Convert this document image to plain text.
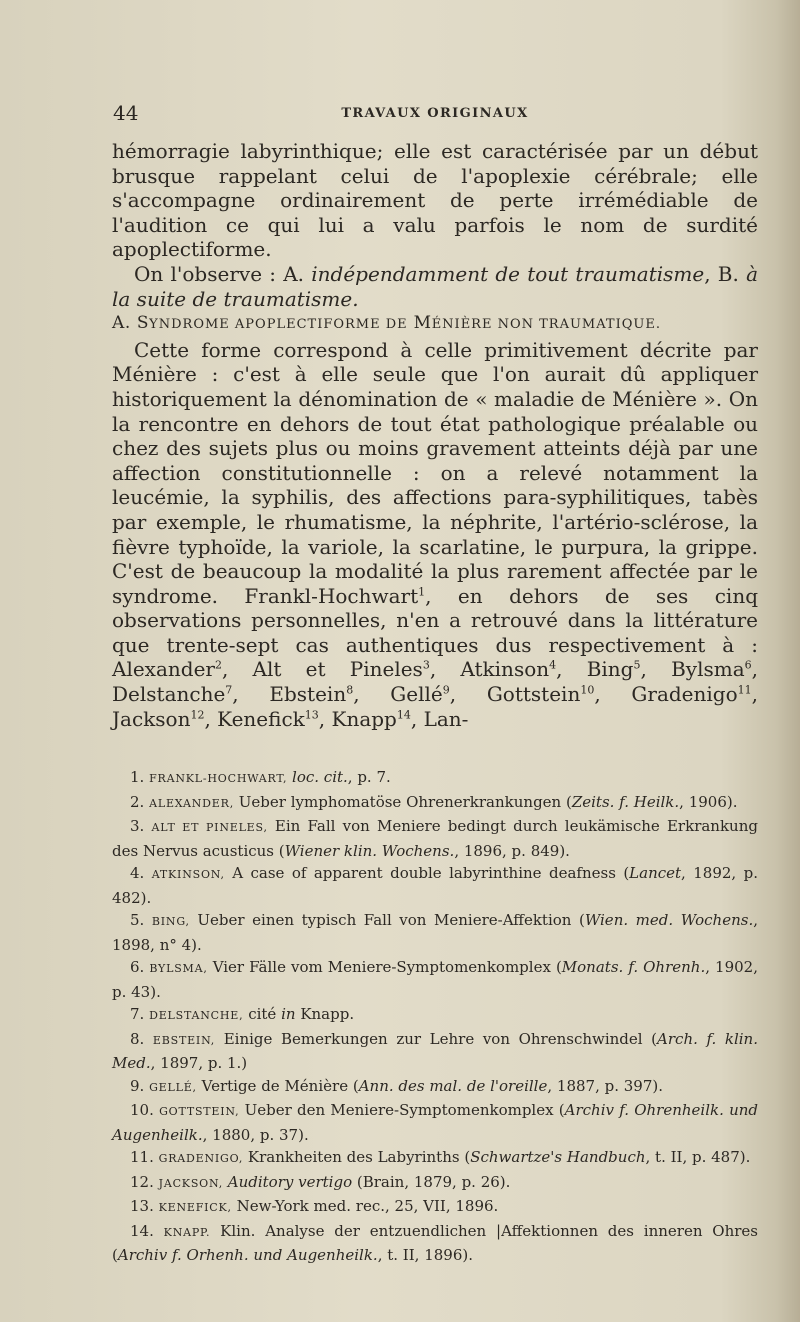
44	TRAVAUX ORIGINAUX

hémorragie labyrinthique; elle est caractérisée par un début brusque rappelant celui de l'apoplexie cérébrale; elle s'accompagne ordinairement de perte irrémédiable de l'audition ce qui lui a valu parfois le nom de surdité apoplectiforme.

On l'observe : A. indépendamment de tout traumatisme, B. à la suite de traumatisme.

A. SYNDROME APOPLECTIFORME DE MÉNIÈRE NON TRAUMATIQUE.

Cette forme correspond à celle primitivement décrite par Ménière : c'est à elle seule que l'on aurait dû appliquer historiquement la dénomination de « maladie de Ménière ». On la rencontre en dehors de tout état pathologique préalable ou chez des sujets plus ou moins gravement atteints déjà par une affection constitutionnelle : on a relevé notamment la leucémie, la syphilis, des affections para-syphilitiques, tabès par exemple, le rhumatisme, la néphrite, l'artério-sclérose, la fièvre typhoïde, la variole, la scarlatine, le purpura, la grippe. C'est de beaucoup la modalité la plus rarement affectée par le syndrome. Frankl-Hochwart$^1$, en dehors de ses cinq observations personnelles, n'en a retrouvé dans la littérature que trente-sept cas authentiques dus respectivement à : Alexander$^2$, Alt et Pineles$^3$, Atkinson$^4$, Bing$^5$, Bylsma$^6$, Delstanche$^7$, Ebstein$^8$, Gellé$^9$, Gottstein$^{10}$, Gradenigo$^{11}$, Jackson$^{12}$, Kenefick$^{13}$, Knapp$^{14}$, Lan-

1. FRANKL-HOCHWART, loc. cit., p. 7.

2. ALEXANDER, Ueber lymphomatöse Ohrenerkrankungen (Zeits. f. Heilk., 1906).

3. ALT ET PINELES, Ein Fall von Meniere bedingt durch leukämische Erkrankung des Nervus acusticus (Wiener klin. Wochens., 1896, p. 849).

4. ATKINSON, A case of apparent double labyrinthine deafness (Lancet, 1892, p. 482).

5. BING, Ueber einen typisch Fall von Meniere-Affektion (Wien. med. Wochens., 1898, n° 4).

6. BYLSMA, Vier Fälle vom Meniere-Symptomenkomplex (Monats. f. Ohrenh., 1902, p. 43).

7. DELSTANCHE, cité in Knapp.

8. EBSTEIN, Einige Bemerkungen zur Lehre von Ohrenschwindel (Arch. f. klin. Med., 1897, p. 1.)

9. GELLÉ, Vertige de Ménière (Ann. des mal. de l'oreille, 1887, p. 397).

10. GOTTSTEIN, Ueber den Meniere-Symptomenkomplex (Archiv f. Ohrenheilk. und Augenheilk., 1880, p. 37).

11. GRADENIGO, Krankheiten des Labyrinths (Schwartze's Handbuch, t. II, p. 487).

12. JACKSON, Auditory vertigo (Brain, 1879, p. 26).

13. KENEFICK, New-York med. rec., 25, VII, 1896.

14. KNAPP. Klin. Analyse der entzuendlichen |Affektionnen des inneren Ohres (Archiv f. Orhenh. und Augenheilk., t. II, 1896).
